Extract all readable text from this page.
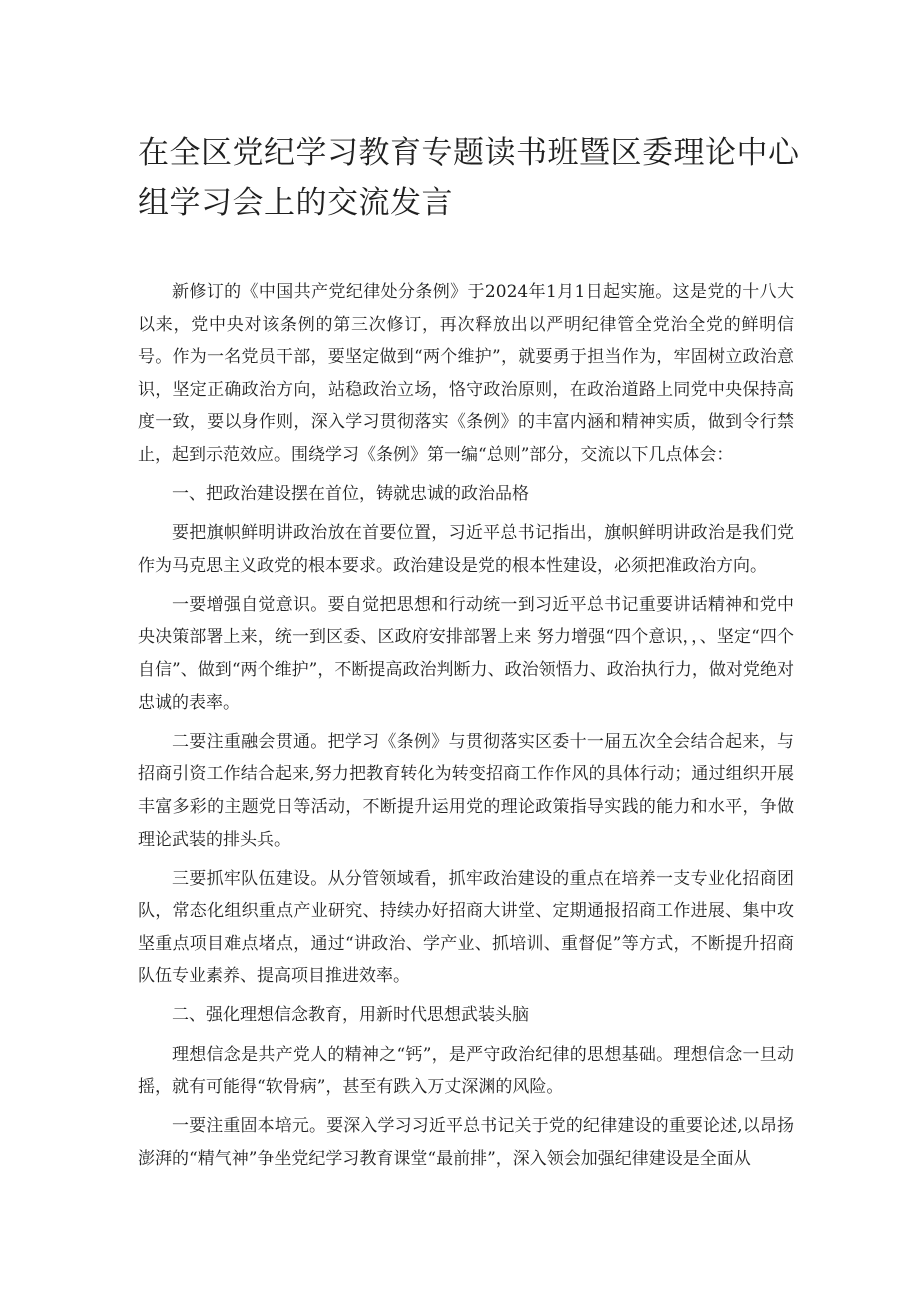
在全区党纪学习教育专题读书班暨区委理论中心组学习会上的交流发言

新修订的《中国共产党纪律处分条例》于2024年1月1日起实施。这是党的十八大以来，党中央对该条例的第三次修订，再次释放出以严明纪律管全党治全党的鲜明信号。作为一名党员干部，要坚定做到“两个维护”，就要勇于担当作为，牢固树立政治意识，坚定正确政治方向，站稳政治立场，恪守政治原则，在政治道路上同党中央保持高度一致，要以身作则，深入学习贯彻落实《条例》的丰富内涵和精神实质，做到令行禁止，起到示范效应。围绕学习《条例》第一编“总则”部分，交流以下几点体会：

一、把政治建设摆在首位，铸就忠诚的政治品格

要把旗帜鲜明讲政治放在首要位置，习近平总书记指出，旗帜鲜明讲政治是我们党作为马克思主义政党的根本要求。政治建设是党的根本性建设，必须把准政治方向。

一要增强自觉意识。要自觉把思想和行动统一到习近平总书记重要讲话精神和党中央决策部署上来，统一到区委、区政府安排部署上来 努力增强“四个意识，，、坚定“四个自信”、做到“两个维护”，不断提高政治判断力、政治领悟力、政治执行力，做对党绝对忠诚的表率。

二要注重融会贯通。把学习《条例》与贯彻落实区委十一届五次全会结合起来，与招商引资工作结合起来,努力把教育转化为转变招商工作作风的具体行动；通过组织开展丰富多彩的主题党日等活动，不断提升运用党的理论政策指导实践的能力和水平，争做理论武装的排头兵。

三要抓牢队伍建设。从分管领域看，抓牢政治建设的重点在培养一支专业化招商团队，常态化组织重点产业研究、持续办好招商大讲堂、定期通报招商工作进展、集中攻坚重点项目难点堵点，通过“讲政治、学产业、抓培训、重督促”等方式，不断提升招商队伍专业素养、提高项目推进效率。

二、强化理想信念教育，用新时代思想武装头脑

理想信念是共产党人的精神之“钙”，是严守政治纪律的思想基础。理想信念一旦动摇，就有可能得“软骨病”，甚至有跌入万丈深渊的风险。

一要注重固本培元。要深入学习习近平总书记关于党的纪律建设的重要论述,以昂扬澎湃的“精气神”争坐党纪学习教育课堂“最前排”，深入领会加强纪律建设是全面从
